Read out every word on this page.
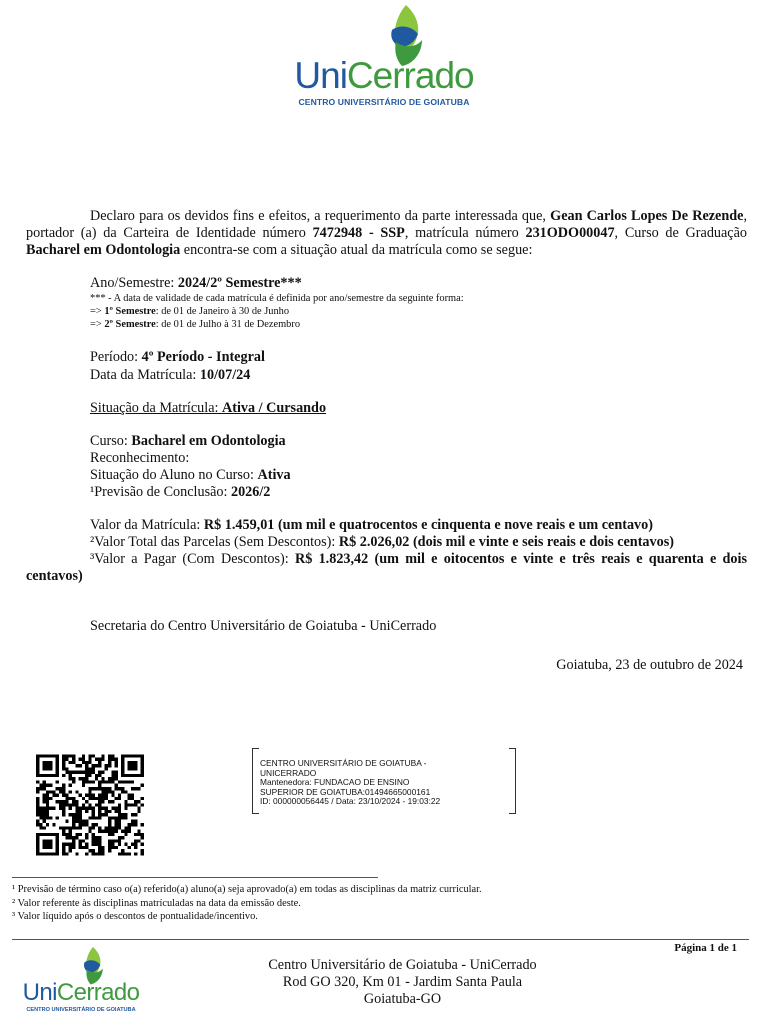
UniCerrado
CENTRO UNIVERSITÁRIO DE GOIATUBA
Declaro para os devidos fins e efeitos, a requerimento da parte interessada que, Gean Carlos Lopes De Rezende, portador (a) da Carteira de Identidade número 7472948 - SSP, matrícula número 231ODO00047, Curso de Graduação Bacharel em Odontologia encontra-se com a situação atual da matrícula como se segue:
Ano/Semestre: 2024/2º Semestre***
*** - A data de validade de cada matrícula é definida por ano/semestre da seguinte forma:
=> 1º Semestre: de 01 de Janeiro à 30 de Junho
=> 2º Semestre: de 01 de Julho à 31 de Dezembro
Período: 4º Período - Integral
Data da Matrícula: 10/07/24
Situação da Matrícula: Ativa / Cursando
Curso: Bacharel em Odontologia
Reconhecimento:
Situação do Aluno no Curso: Ativa
¹Previsão de Conclusão: 2026/2
Valor da Matrícula: R$ 1.459,01 (um mil e quatrocentos e cinquenta e nove reais e um centavo)
²Valor Total das Parcelas (Sem Descontos): R$ 2.026,02 (dois mil e vinte e seis reais e dois centavos)
³Valor a Pagar (Com Descontos): R$ 1.823,42 (um mil e oitocentos e vinte e três reais e quarenta e dois centavos)
Secretaria do Centro Universitário de Goiatuba - UniCerrado
Goiatuba, 23 de outubro de 2024
CENTRO UNIVERSITÁRIO DE GOIATUBA -
UNICERRADO
Mantenedora: FUNDACAO DE ENSINO
SUPERIOR DE GOIATUBA:01494665000161
ID: 000000056445 / Data: 23/10/2024 - 19:03:22
¹ Previsão de término caso o(a) referido(a) aluno(a) seja aprovado(a) em todas as disciplinas da matriz curricular.
² Valor referente às disciplinas matrículadas na data da emissão deste.
³ Valor líquido após o descontos de pontualidade/incentivo.
Página 1 de 1
UniCerrado
CENTRO UNIVERSITÁRIO DE GOIATUBA
Centro Universitário de Goiatuba - UniCerrado
Rod GO 320, Km 01 - Jardim Santa Paula
Goiatuba-GO
